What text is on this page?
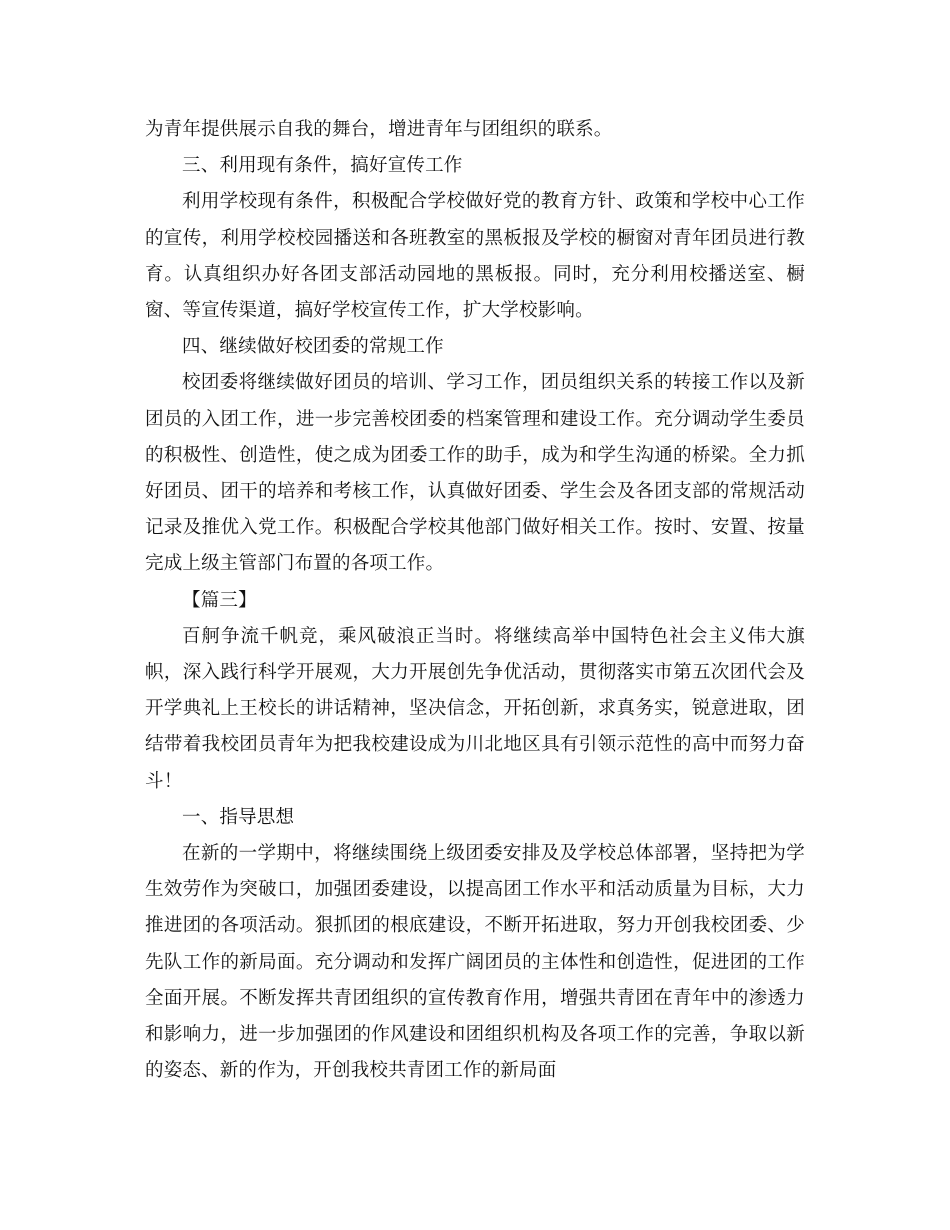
为青年提供展示自我的舞台，增进青年与团组织的联系。

三、利用现有条件，搞好宣传工作

利用学校现有条件，积极配合学校做好党的教育方针、政策和学校中心工作的宣传，利用学校校园播送和各班教室的黑板报及学校的橱窗对青年团员进行教育。认真组织办好各团支部活动园地的黑板报。同时，充分利用校播送室、橱窗、等宣传渠道，搞好学校宣传工作，扩大学校影响。

四、继续做好校团委的常规工作

校团委将继续做好团员的培训、学习工作，团员组织关系的转接工作以及新团员的入团工作，进一步完善校团委的档案管理和建设工作。充分调动学生委员的积极性、创造性，使之成为团委工作的助手，成为和学生沟通的桥梁。全力抓好团员、团干的培养和考核工作，认真做好团委、学生会及各团支部的常规活动记录及推优入党工作。积极配合学校其他部门做好相关工作。按时、安置、按量完成上级主管部门布置的各项工作。

【篇三】

百舸争流千帆竞，乘风破浪正当时。将继续高举中国特色社会主义伟大旗帜，深入践行科学开展观，大力开展创先争优活动，贯彻落实市第五次团代会及开学典礼上王校长的讲话精神，坚决信念，开拓创新，求真务实，锐意进取，团结带着我校团员青年为把我校建设成为川北地区具有引领示范性的高中而努力奋斗！

一、指导思想

在新的一学期中，将继续围绕上级团委安排及及学校总体部署，坚持把为学生效劳作为突破口，加强团委建设，以提高团工作水平和活动质量为目标，大力推进团的各项活动。狠抓团的根底建设，不断开拓进取，努力开创我校团委、少先队工作的新局面。充分调动和发挥广阔团员的主体性和创造性，促进团的工作全面开展。不断发挥共青团组织的宣传教育作用，增强共青团在青年中的渗透力和影响力，进一步加强团的作风建设和团组织机构及各项工作的完善，争取以新的姿态、新的作为，开创我校共青团工作的新局面
